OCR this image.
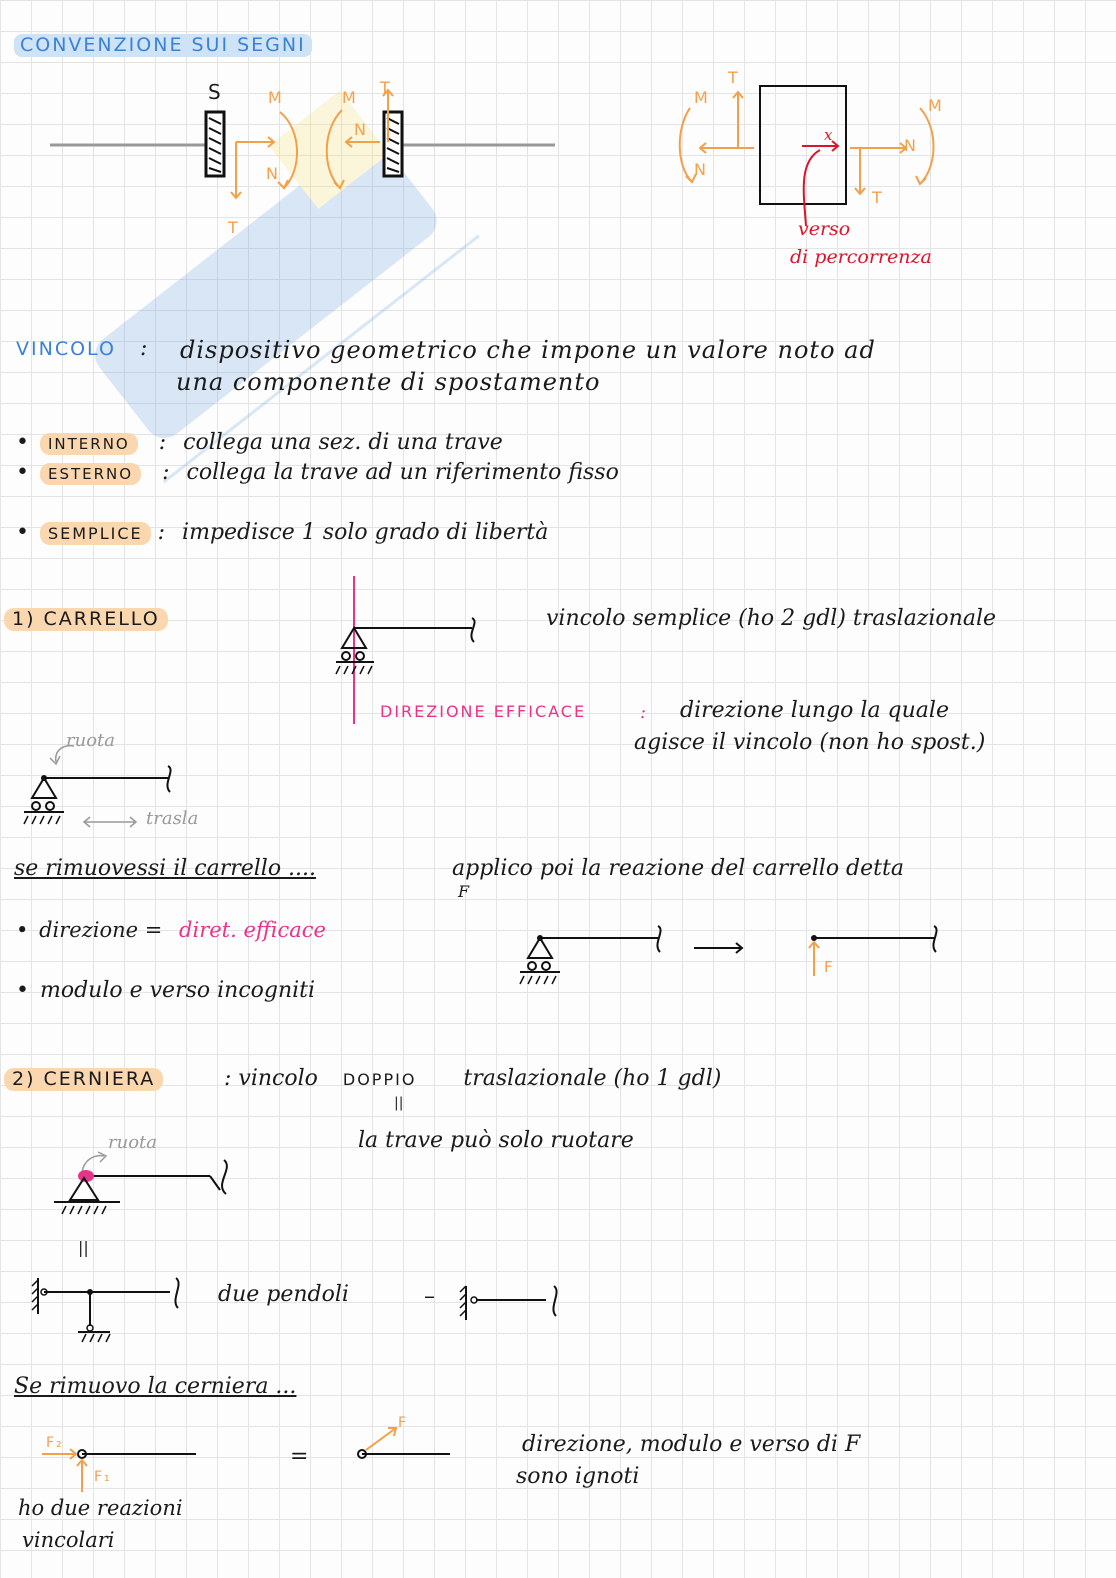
CONVENZIONE SUI SEGNI
S	M
N
T
M
T
N
M
T
N
M
N
T
x
verso
di percorrenza
VINCOLO : dispositivo geometrico che impone un valore noto ad
una componente di spostamento
• INTERNO : collega una sez. di una trave
• ESTERNO : collega la trave ad un riferimento fisso
• SEMPLICE : impedisce 1 solo grado di libertà
1) CARRELLO	vincolo semplice (ho 2 gdl) traslazionale
DIREZIONE EFFICACE	: direzione lungo la quale
agisce il vincolo (non ho spost.)
ruota
trasla
se rimuovessi il carrello ....	applico poi la reazione del carrello detta
F
• direzione = diret. efficace
• modulo e verso incogniti
F
2) CERNIERA	: vincolo DOPPIO traslazionale (ho 1 gdl)
||
la trave può solo ruotare
ruota
||
due pendoli	–
Se rimuovo la cerniera ...
F₂
F₁
=
F
direzione, modulo e verso di F
sono ignoti
ho due reazioni
vincolari
